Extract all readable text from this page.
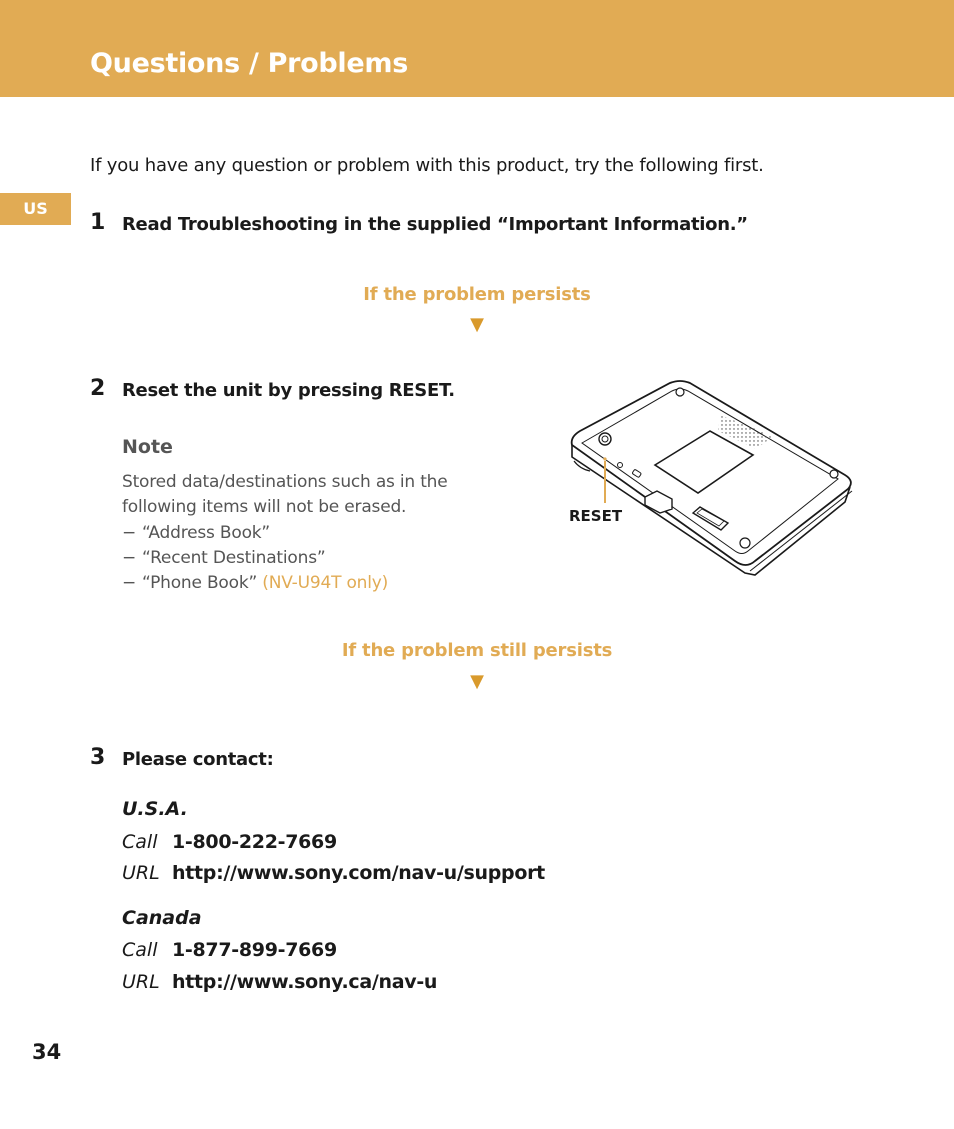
Questions / Problems
US
If you have any question or problem with this product, try the following first.
1 Read Troubleshooting in the supplied “Important Information.”
If the problem persists
▼
2 Reset the unit by pressing RESET.
Note
Stored data/destinations such as in the following items will not be erased.
− “Address Book”
− “Recent Destinations”
− “Phone Book” (NV-U94T only)
RESET
If the problem still persists
▼
3 Please contact:
U.S.A.
Call 1-800-222-7669
URL http://www.sony.com/nav-u/support
Canada
Call 1-877-899-7669
URL http://www.sony.ca/nav-u
34
